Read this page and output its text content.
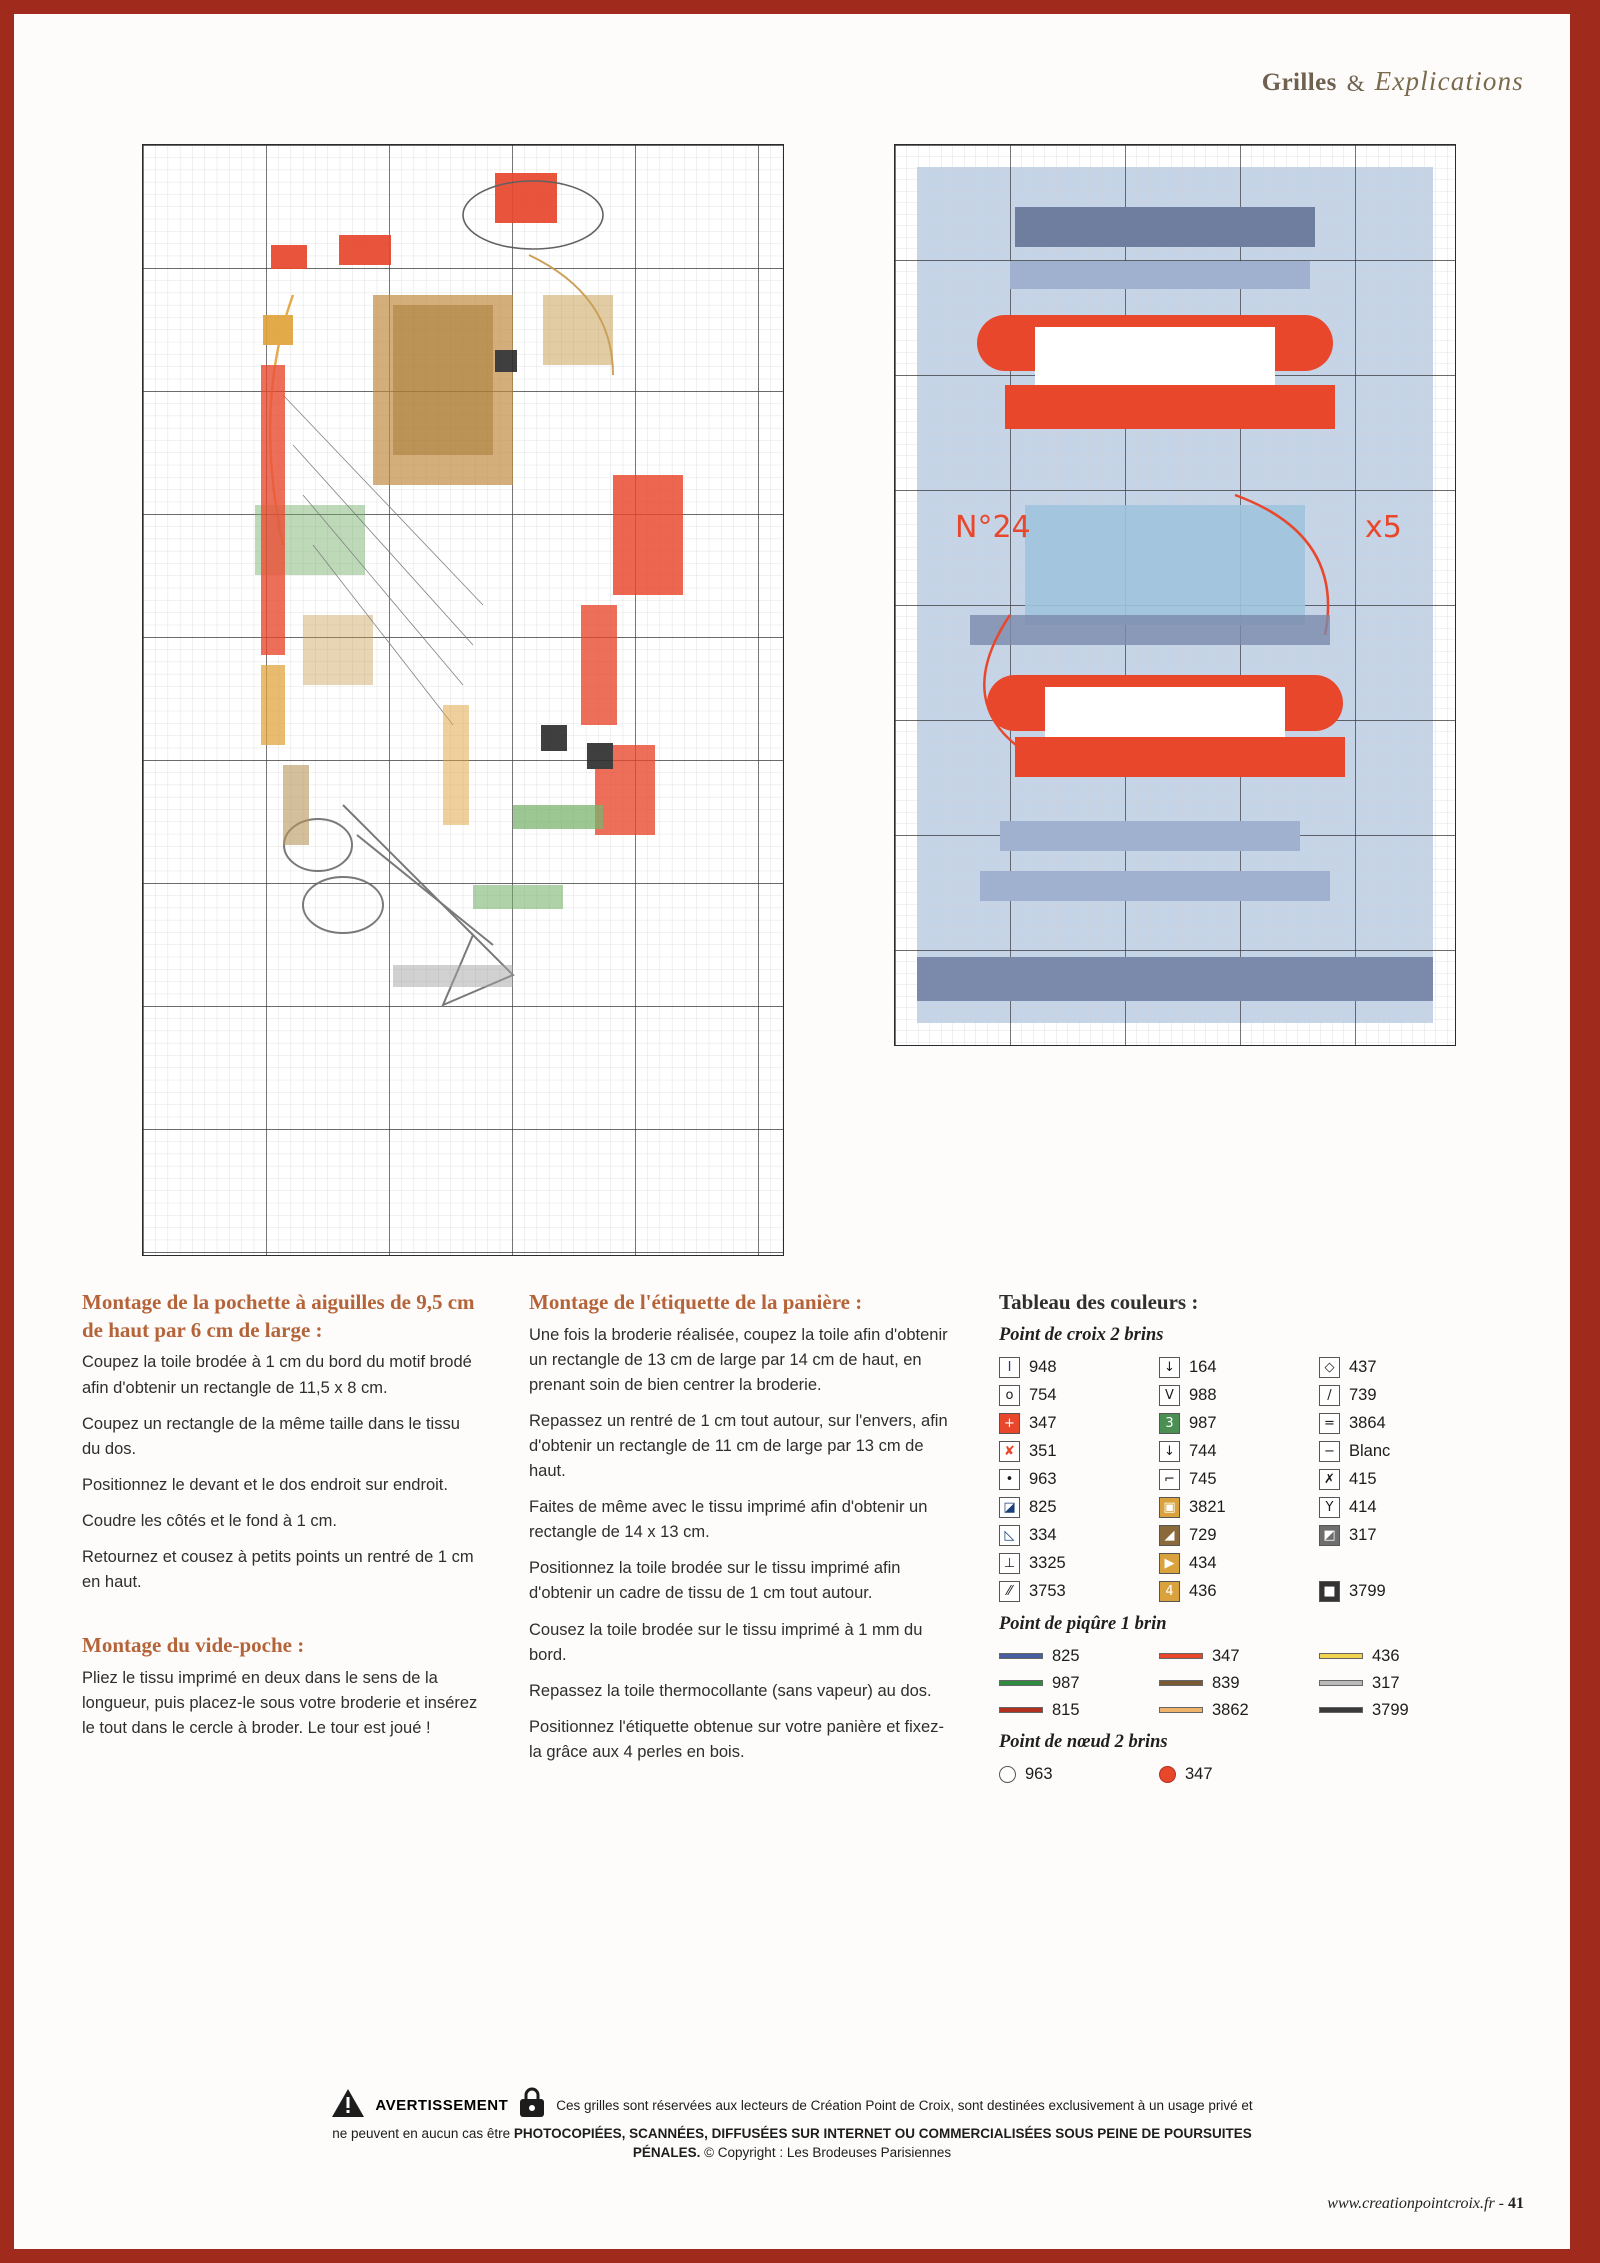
Grilles & Explications
N°24	x5
Montage de la pochette à aiguilles de 9,5 cm de haut par 6 cm de large :

Coupez la toile brodée à 1 cm du bord du motif brodé afin d'obtenir un rectangle de 11,5 x 8 cm.

Coupez un rectangle de la même taille dans le tissu du dos.

Positionnez le devant et le dos endroit sur endroit.

Coudre les côtés et le fond à 1 cm.

Retournez et cousez à petits points un rentré de 1 cm en haut.

Montage du vide-poche :

Pliez le tissu imprimé en deux dans le sens de la longueur, puis placez-le sous votre broderie et insérez le tout dans le cercle à broder. Le tour est joué !

Montage de l'étiquette de la panière :

Une fois la broderie réalisée, coupez la toile afin d'obtenir un rectangle de 13 cm de large par 14 cm de haut, en prenant soin de bien centrer la broderie.

Repassez un rentré de 1 cm tout autour, sur l'envers, afin d'obtenir un rectangle de 11 cm de large par 13 cm de haut.

Faites de même avec le tissu imprimé afin d'obtenir un rectangle de 14 x 13 cm.

Positionnez la toile brodée sur le tissu imprimé afin d'obtenir un cadre de tissu de 1 cm tout autour.

Cousez la toile brodée sur le tissu imprimé à 1 mm du bord.

Repassez la toile thermocollante (sans vapeur) au dos.

Positionnez l'étiquette obtenue sur votre panière et fixez-la grâce aux 4 perles en bois.

Tableau des couleurs :
Point de croix 2 brins
I 948	↓ 164	◇ 437

o 754	V 988	/ 739

+ 347	3 987	= 3864

✘ 351	↓ 744	− Blanc

• 963	⌐ 745	✗ 415

◪ 825	▣ 3821	Y 414

◺ 334	◢ 729	◩ 317

⊥ 3325	▶ 434	

⁄⁄ 3753	4 436	■ 3799
Point de piqûre 1 brin
825	347	436

987	839	317

815	3862	3799
Point de nœud 2 brins
963	347

AVERTISSEMENT	Ces grilles sont réservées aux lecteurs de Création Point de Croix, sont destinées exclusivement à un usage privé et
ne peuvent en aucun cas être PHOTOCOPIÉES, SCANNÉES, DIFFUSÉES SUR INTERNET OU COMMERCIALISÉES SOUS PEINE DE POURSUITES
PÉNALES. © Copyright : Les Brodeuses Parisiennes
www.creationpointcroix.fr - 41
